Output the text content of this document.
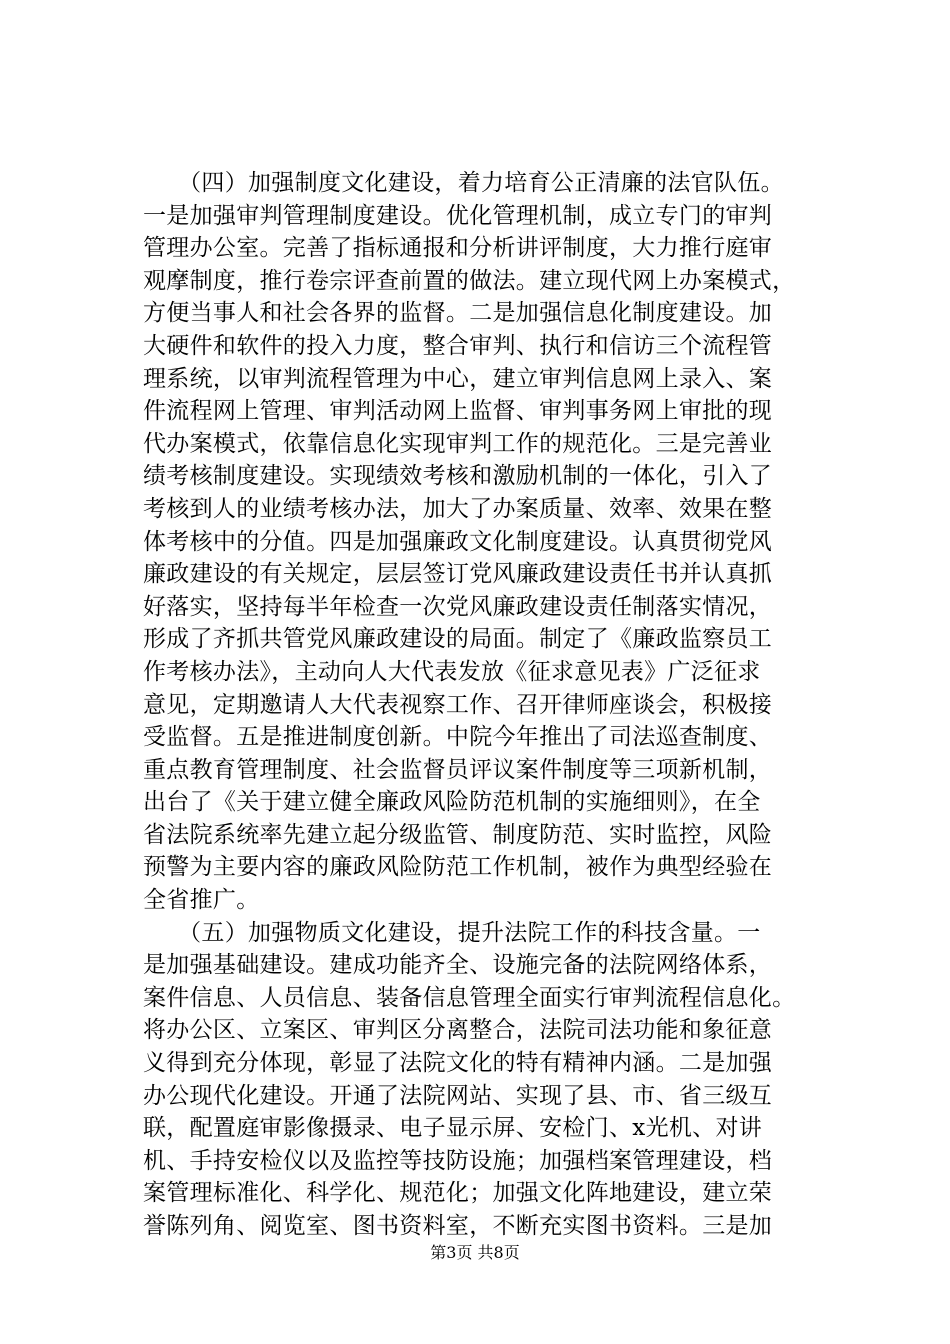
　　（四）加强制度文化建设，着力培育公正清廉的法官队伍。
一是加强审判管理制度建设。优化管理机制，成立专门的审判
管理办公室。完善了指标通报和分析讲评制度，大力推行庭审
观摩制度，推行卷宗评查前置的做法。建立现代网上办案模式，
方便当事人和社会各界的监督。二是加强信息化制度建设。加
大硬件和软件的投入力度，整合审判、执行和信访三个流程管
理系统，以审判流程管理为中心，建立审判信息网上录入、案
件流程网上管理、审判活动网上监督、审判事务网上审批的现
代办案模式，依靠信息化实现审判工作的规范化。三是完善业
绩考核制度建设。实现绩效考核和激励机制的一体化，引入了
考核到人的业绩考核办法，加大了办案质量、效率、效果在整
体考核中的分值。四是加强廉政文化制度建设。认真贯彻党风
廉政建设的有关规定，层层签订党风廉政建设责任书并认真抓
好落实，坚持每半年检查一次党风廉政建设责任制落实情况，
形成了齐抓共管党风廉政建设的局面。制定了《廉政监察员工
作考核办法》，主动向人大代表发放《征求意见表》广泛征求
意见，定期邀请人大代表视察工作、召开律师座谈会，积极接
受监督。五是推进制度创新。中院今年推出了司法巡查制度、
重点教育管理制度、社会监督员评议案件制度等三项新机制，
出台了《关于建立健全廉政风险防范机制的实施细则》，在全
省法院系统率先建立起分级监管、制度防范、实时监控，风险
预警为主要内容的廉政风险防范工作机制，被作为典型经验在
全省推广。
　　（五）加强物质文化建设，提升法院工作的科技含量。一
是加强基础建设。建成功能齐全、设施完备的法院网络体系，
案件信息、人员信息、装备信息管理全面实行审判流程信息化。
将办公区、立案区、审判区分离整合，法院司法功能和象征意
义得到充分体现，彰显了法院文化的特有精神内涵。二是加强
办公现代化建设。开通了法院网站、实现了县、市、省三级互
联，配置庭审影像摄录、电子显示屏、安检门、x光机、对讲
机、手持安检仪以及监控等技防设施；加强档案管理建设，档
案管理标准化、科学化、规范化；加强文化阵地建设，建立荣
誉陈列角、阅览室、图书资料室，不断充实图书资料。三是加
第3页 共8页
